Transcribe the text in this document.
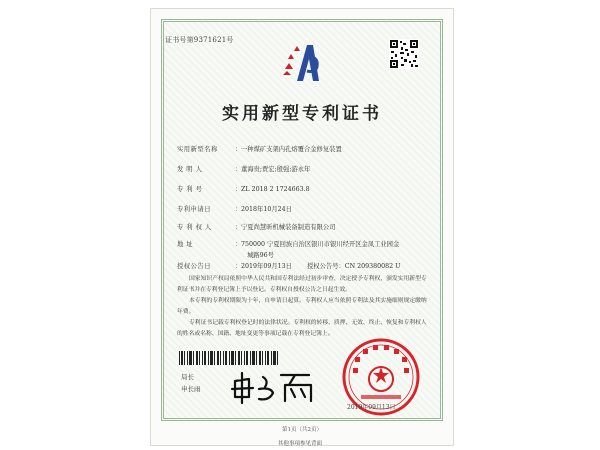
证书号第9371621号
实用新型专利证书
实用新型名称	：一种煤矿支架内孔熔覆合金修复装置
发 明 人	：董海贵;贾宏;殷强;游永年
专 利 号	：ZL 2018 2 1724663.8
专利申请日	：2018年10月24日
专 利 权 人	：宁夏尚慧昕机械装备制造有限公司
地 址	：750000 宁夏回族自治区银川市银川经开区金凤工业园金
城路96号
授权公告日	：2019年09月13日 授权公告号：CN 209380082 U

国家知识产权局依照中华人民共和国专利法经过初步审查，决定授予专利权，颁发实用新型专利证书并在专利登记簿上予以登记。专利权自授权公告之日起生效。

本专利的专利权期限为十年，自申请日起算。专利权人应当依照专利法及其实施细则规定缴纳年费。

专利证书记载专利权登记时的法律状况。专利权的转移、质押、无效、终止、恢复和专利权人的姓名或名称、国籍、地址变更等事项记载在专利登记簿上。

局长
申长雨
2019年09月13日
第1页（共2页）
其他事项参见背面
